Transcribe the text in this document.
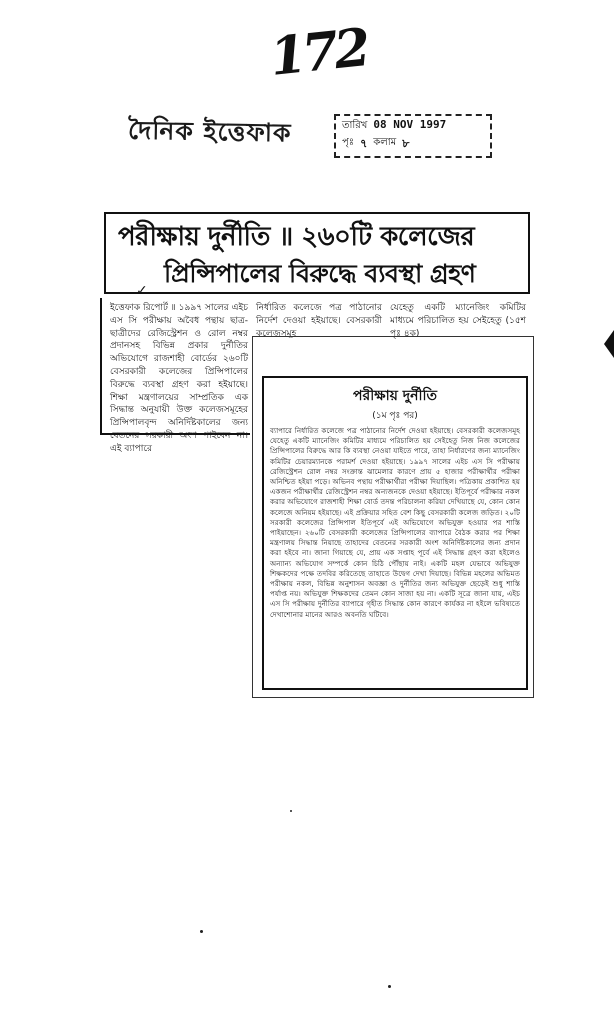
172
দৈনিক ইত্তেফাক	তারিখ 08 NOV 1997
পৃঃ ৭ কলাম ৮
পরীক্ষায় দুর্নীতি ॥ ২৬০টি কলেজের
প্রিন্সিপালের বিরুদ্ধে ব্যবস্থা গ্রহণ
✓
ইত্তেফাক রিপোর্ট ॥ ১৯৯৭ সালের এইচ এস সি পরীক্ষায় অবৈধ পন্থায় ছাত্র-ছাত্রীদের রেজিস্ট্রেশন ও রোল নম্বর প্রদানসহ বিভিন্ন প্রকার দুর্নীতির অভিযোগে রাজশাহী বোর্ডের ২৬০টি বেসরকারী কলেজের প্রিন্সিপালের বিরুদ্ধে ব্যবস্থা গ্রহণ করা হইয়াছে। শিক্ষা মন্ত্রণালয়ের সাম্প্রতিক এক সিদ্ধান্ত অনুযায়ী উক্ত কলেজসমূহের প্রিন্সিপালবৃন্দ অনির্দিষ্টকালের জন্য বেতনের সরকারী অংশ পাইবেন না। এই ব্যাপারে
নির্ধারিত কলেজে পত্র পাঠানোর নির্দেশ দেওয়া হইয়াছে। বেসরকারী কলেজসমূহ
যেহেতু একটি ম্যানেজিং কমিটির মাধ্যমে পরিচালিত হয় সেইহেতু (১৫শ পৃঃ ৪ক)
পরীক্ষায় দুর্নীতি
(১ম পৃঃ পর)
ব্যাপারে নির্ধারিত কলেজে পত্র পাঠানোর নির্দেশ দেওয়া হইয়াছে। বেসরকারী কলেজসমূহ যেহেতু একটি ম্যানেজিং কমিটির মাধ্যমে পরিচালিত হয় সেইহেতু নিজ নিজ কলেজের প্রিন্সিপালের বিরুদ্ধে আর কি ব্যবস্থা নেওয়া যাইতে পারে, তাহা নির্ধারণের জন্য ম্যানেজিং কমিটির চেয়ারম্যানকে পরামর্শ দেওয়া হইয়াছে। ১৯৯৭ সালের এইচ এস সি পরীক্ষায় রেজিস্ট্রেশন রোল নম্বর সংক্রান্ত ঝামেলার কারণে প্রায় ৫ হাজার পরীক্ষার্থীর পরীক্ষা অনিশ্চিত হইয়া পড়ে। অভিনব পন্থায় পরীক্ষার্থীরা পরীক্ষা দিয়াছিল। পত্রিকায় প্রকাশিত হয় একজন পরীক্ষার্থীর রেজিস্ট্রেশন নম্বর অন্যজনকে দেওয়া হইয়াছে। ইতিপূর্বে পরীক্ষার নকল করার অভিযোগে রাজশাহী শিক্ষা বোর্ড তদন্ত পরিচালনা করিয়া দেখিয়াছে যে, কোন কোন কলেজে অনিয়ম হইয়াছে। এই প্রক্রিয়ার সহিত বেশ কিছু বেসরকারী কলেজ জড়িত। ২০টি সরকারী কলেজের প্রিন্সিপাল ইতিপূর্বে এই অভিযোগে অভিযুক্ত হওয়ার পর শাস্তি পাইয়াছেন। ২৬০টি বেসরকারী কলেজের প্রিন্সিপালের ব্যাপারে বৈঠক করার পর শিক্ষা মন্ত্রণালয় সিদ্ধান্ত নিয়াছে তাহাদের বেতনের সরকারী অংশ অনির্দিষ্টকালের জন্য প্রদান করা হইবে না। জানা গিয়াছে যে, প্রায় এক সপ্তাহ পূর্বে এই সিদ্ধান্ত গ্রহণ করা হইলেও অন্যান্য অভিযোগ সম্পর্কে কোন চিঠি পৌঁছায় নাই। একটি মহল যেভাবে অভিযুক্ত শিক্ষকদের পক্ষে তদবির করিতেছে তাহাতে উদ্বেগ দেখা দিয়াছে। বিভিন্ন মহলের অভিমত পরীক্ষায় নকল, বিভিন্ন অনুশাসন অবজ্ঞা ও দুর্নীতির জন্য অভিযুক্ত ছেড়েই শুধু শাস্তি পর্যাপ্ত নয়। অভিযুক্ত শিক্ষকদের তেমন কোন সাজা হয় না। একটি সূত্রে জানা যায়, এইচ এস সি পরীক্ষায় দুর্নীতির ব্যাপারে গৃহীত সিদ্ধান্ত কোন কারণে কার্যকর না হইলে ভবিষ্যতে দেখাশোনার মানের আরও অবনতি ঘটিবে।
